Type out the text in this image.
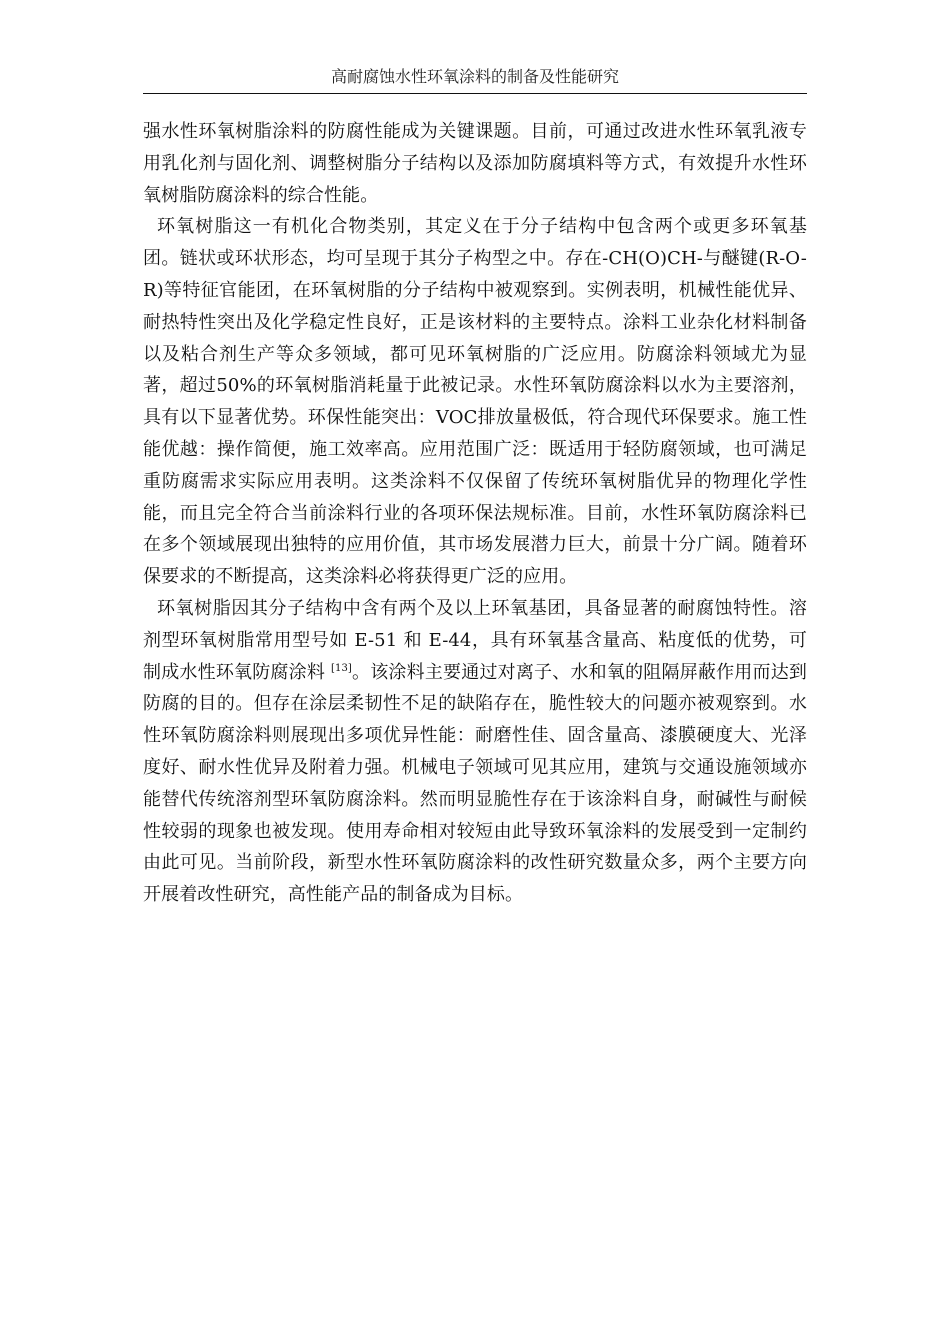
高耐腐蚀水性环氧涂料的制备及性能研究

强水性环氧树脂涂料的防腐性能成为关键课题。目前，可通过改进水性环氧乳液专用乳化剂与固化剂、调整树脂分子结构以及添加防腐填料等方式，有效提升水性环氧树脂防腐涂料的综合性能。

环氧树脂这一有机化合物类别，其定义在于分子结构中包含两个或更多环氧基团。链状或环状形态，均可呈现于其分子构型之中。存在-CH(O)CH-与醚键(R-O-R)等特征官能团，在环氧树脂的分子结构中被观察到。实例表明，机械性能优异、耐热特性突出及化学稳定性良好，正是该材料的主要特点。涂料工业杂化材料制备以及粘合剂生产等众多领域，都可见环氧树脂的广泛应用。防腐涂料领域尤为显著，超过50%的环氧树脂消耗量于此被记录。水性环氧防腐涂料以水为主要溶剂，具有以下显著优势。环保性能突出：VOC排放量极低，符合现代环保要求。施工性能优越：操作简便，施工效率高。应用范围广泛：既适用于轻防腐领域，也可满足重防腐需求实际应用表明。这类涂料不仅保留了传统环氧树脂优异的物理化学性能，而且完全符合当前涂料行业的各项环保法规标准。目前，水性环氧防腐涂料已在多个领域展现出独特的应用价值，其市场发展潜力巨大，前景十分广阔。随着环保要求的不断提高，这类涂料必将获得更广泛的应用。

环氧树脂因其分子结构中含有两个及以上环氧基团，具备显著的耐腐蚀特性。溶剂型环氧树脂常用型号如 E-51 和 E-44，具有环氧基含量高、粘度低的优势，可制成水性环氧防腐涂料 [13]。该涂料主要通过对离子、水和氧的阻隔屏蔽作用而达到防腐的目的。但存在涂层柔韧性不足的缺陷存在，脆性较大的问题亦被观察到。水性环氧防腐涂料则展现出多项优异性能：耐磨性佳、固含量高、漆膜硬度大、光泽度好、耐水性优异及附着力强。机械电子领域可见其应用，建筑与交通设施领域亦能替代传统溶剂型环氧防腐涂料。然而明显脆性存在于该涂料自身，耐碱性与耐候性较弱的现象也被发现。使用寿命相对较短由此导致环氧涂料的发展受到一定制约由此可见。当前阶段，新型水性环氧防腐涂料的改性研究数量众多，两个主要方向开展着改性研究，高性能产品的制备成为目标。
